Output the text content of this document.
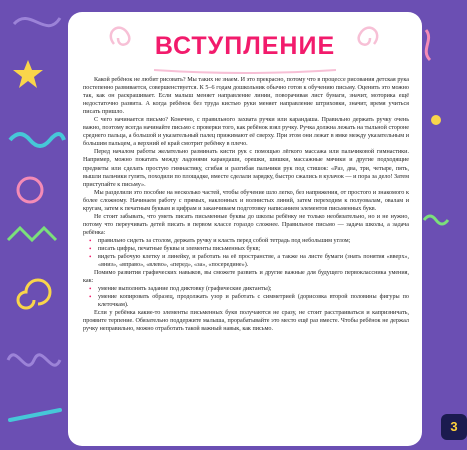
ВСТУПЛЕНИЕ

Какой ребёнок не любит рисовать? Мы таких не знаем. И это прекрасно, потому что в процессе рисования детская рука постепенно развивается, совершенствуется. К 5–6 годам дошкольник обычно готов к обучению письму. Оценить это можно так, как он раскрашивает. Если малыш меняет направление линии, поворачивая лист бумаги, значит, моторика ещё недостаточно развита. А когда ребёнок без труда кистью руки меняет направление штриховки, значит, время учиться писать пришло.

С чего начинается письмо? Конечно, с правильного захвата ручки или карандаша. Правильно держать ручку очень важно, поэтому всегда начинайте письмо с проверки того, как ребёнок взял ручку. Ручка должна лежать на тыльной стороне среднего пальца, а большой и указательный палец прижимают её сверху. При этом они лежат в ямке между указательным и большим пальцем, а верхний её край смотрит ребёнку в плечо.

Перед началом работы желательно разминать кисти рук с помощью лёгкого массажа или пальчиковой гимнастики. Например, можно покатать между ладонями карандаши, орешки, шишки, массажные мячики и другие подходящие предметы или сделать простую гимнастику, сгибая и разгибая пальчики рук под стишок: «Раз, два, три, четыре, пять, вышли пальчики гулять, походили по площадке, вместе сделали зарядку, быстро сжались в кулачок — и пора за дело! Затем приступайте к письму».

Мы разделили это пособие на несколько частей, чтобы обучение шло легко, без напряжения, от простого и знакомого к более сложному. Начинаем работу с прямых, наклонных и волнистых линий, затем переходим к полуовалам, овалам и кругам, затем к печатным буквам и цифрам и заканчиваем подготовку написанием элементов письменных букв.

Не стоит забывать, что уметь писать письменные буквы до школы ребёнку не только необязательно, но и не нужно, потому что переучивать детей писать в первом классе гораздо сложнее. Правильное письмо — задача школы, а задача ребёнка:

• правильно сидеть за столом, держать ручку и класть перед собой тетрадь под небольшим углом;
• писать цифры, печатные буквы и элементы письменных букв;
• видеть рабочую клетку и линейку, и работать на её пространстве, а также на листе бумаги (знать понятия «вверх», «вниз», «вправо», «влево», «перед», «за», «посередине»).

Помимо развития графических навыков, вы сможете развить и другие важные для будущего первоклассника умения, как:

• умение выполнять задание под диктовку (графические диктанты);
• умение копировать образец, продолжать узор и работать с симметрией (дорисовка второй половины фигуры по клеточкам).

Если у ребёнка какие-то элементы письменных букв получаются не сразу, не стоит расстраиваться и капризничать, проявите терпение. Обязательно поддержите малыша, прорабатывайте это место ещё раз вместе. Чтобы ребёнок не держал ручку неправильно, можно отработать такой важный навык, как письмо.

3
